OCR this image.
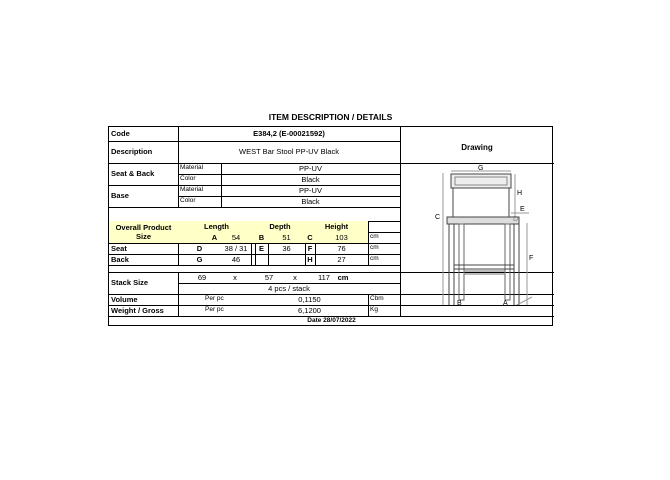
ITEM DESCRIPTION / DETAILS
Code	E384,2 (E-00021592)
Description	WEST Bar Stool PP-UV Black
Seat & Back
Material	PP-UV
Color	Black
Base
Material	PP-UV
Color	Black
Overall Product
Size
Length	Depth	Height
A	54	B	51	C	103	cm
Seat	D	38 / 31	E	36	F	76	cm
Back	G	46	H	27	cm
Stack Size
69	x	57	x	117	cm
4 pcs / stack
Volume	Per pc	0,1150	Cbm
Weight / Gross	Per pc	6,1200	Kg
Date 28/07/2022
Drawing
G
H
E
D
C
F
B	A
